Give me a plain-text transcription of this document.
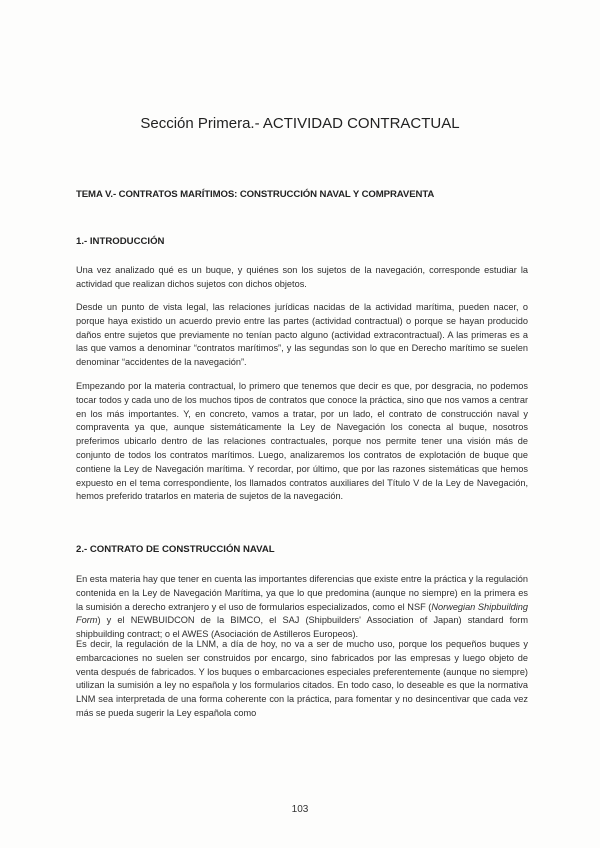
Sección Primera.- ACTIVIDAD CONTRACTUAL
TEMA V.- CONTRATOS MARÍTIMOS: CONSTRUCCIÓN NAVAL Y COMPRAVENTA
1.- INTRODUCCIÓN

Una vez analizado qué es un buque, y quiénes son los sujetos de la navegación, corresponde estudiar la actividad que realizan dichos sujetos con dichos objetos.

Desde un punto de vista legal, las relaciones jurídicas nacidas de la actividad marítima, pueden nacer, o porque haya existido un acuerdo previo entre las partes (actividad contractual) o porque se hayan producido daños entre sujetos que previamente no tenían pacto alguno (actividad extracontractual). A las primeras es a las que vamos a denominar “contratos marítimos”, y las segundas son lo que en Derecho marítimo se suelen denominar “accidentes de la navegación”.

Empezando por la materia contractual, lo primero que tenemos que decir es que, por desgracia, no podemos tocar todos y cada uno de los muchos tipos de contratos que conoce la práctica, sino que nos vamos a centrar en los más importantes. Y, en concreto, vamos a tratar, por un lado, el contrato de construcción naval y compraventa ya que, aunque sistemáticamente la Ley de Navegación los conecta al buque, nosotros preferimos ubicarlo dentro de las relaciones contractuales, porque nos permite tener una visión más de conjunto de todos los contratos marítimos. Luego, analizaremos los contratos de explotación de buque que contiene la Ley de Navegación marítima. Y recordar, por último, que por las razones sistemáticas que hemos expuesto en el tema correspondiente, los llamados contratos auxiliares del Título V de la Ley de Navegación, hemos preferido tratarlos en materia de sujetos de la navegación.

2.- CONTRATO DE CONSTRUCCIÓN NAVAL

En esta materia hay que tener en cuenta las importantes diferencias que existe entre la práctica y la regulación contenida en la Ley de Navegación Marítima, ya que lo que predomina (aunque no siempre) en la primera es la sumisión a derecho extranjero y el uso de formularios especializados, como el NSF (Norwegian Shipbuilding Form) y el NEWBUIDCON de la BIMCO, el SAJ (Shipbuilders' Association of Japan) standard form shipbuilding contract; o el AWES (Asociación de Astilleros Europeos).

Es decir, la regulación de la LNM, a día de hoy, no va a ser de mucho uso, porque los pequeños buques y embarcaciones no suelen ser construidos por encargo, sino fabricados por las empresas y luego objeto de venta después de fabricados. Y los buques o embarcaciones especiales preferentemente (aunque no siempre) utilizan la sumisión a ley no española y los formularios citados. En todo caso, lo deseable es que la normativa LNM sea interpretada de una forma coherente con la práctica, para fomentar y no desincentivar que cada vez más se pueda sugerir la Ley española como

103
